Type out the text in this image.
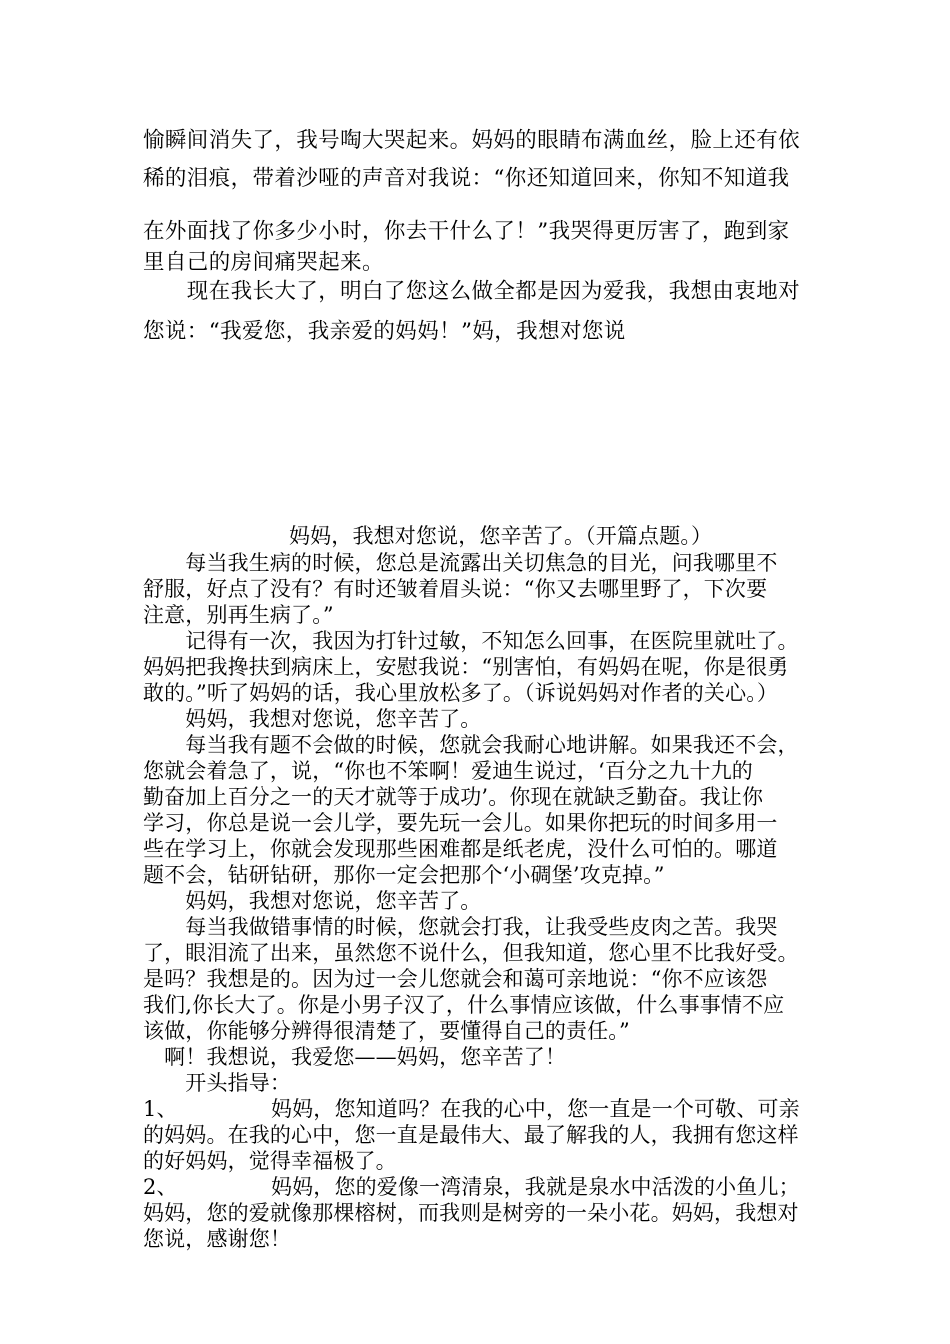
愉瞬间消失了，我号啕大哭起来。妈妈的眼睛布满血丝，脸上还有依
稀的泪痕，带着沙哑的声音对我说：“你还知道回来，你知不知道我
在外面找了你多少小时，你去干什么了！”我哭得更厉害了，跑到家
里自己的房间痛哭起来。
　　现在我长大了，明白了您这么做全都是因为爱我，我想由衷地对
您说：“我爱您，我亲爱的妈妈！”妈，我想对您说
妈妈，我想对您说，您辛苦了。（开篇点题。）
　　每当我生病的时候，您总是流露出关切焦急的目光，问我哪里不
舒服，好点了没有？有时还皱着眉头说：“你又去哪里野了，下次要
注意，别再生病了。”
　　记得有一次，我因为打针过敏，不知怎么回事，在医院里就吐了。
妈妈把我搀扶到病床上，安慰我说：“别害怕，有妈妈在呢，你是很勇
敢的。”听了妈妈的话，我心里放松多了。（诉说妈妈对作者的关心。）
　　妈妈，我想对您说，您辛苦了。
　　每当我有题不会做的时候，您就会我耐心地讲解。如果我还不会，
您就会着急了，说，“你也不笨啊！爱迪生说过，‘百分之九十九的
勤奋加上百分之一的天才就等于成功’。你现在就缺乏勤奋。我让你
学习，你总是说一会儿学，要先玩一会儿。如果你把玩的时间多用一
些在学习上，你就会发现那些困难都是纸老虎，没什么可怕的。哪道
题不会，钻研钻研，那你一定会把那个‘小碉堡’攻克掉。”
　　妈妈，我想对您说，您辛苦了。
　　每当我做错事情的时候，您就会打我，让我受些皮肉之苦。我哭
了，眼泪流了出来，虽然您不说什么，但我知道，您心里不比我好受。
是吗？我想是的。因为过一会儿您就会和蔼可亲地说：“你不应该怨
我们,你长大了。你是小男子汉了，什么事情应该做，什么事事情不应
该做，你能够分辨得很清楚了，要懂得自己的责任。”
　啊！我想说，我爱您——妈妈，您辛苦了！
　　开头指导：
1、	妈妈，您知道吗？在我的心中，您一直是一个可敬、可亲
的妈妈。在我的心中，您一直是最伟大、最了解我的人，我拥有您这样
的好妈妈，觉得幸福极了。
2、	妈妈，您的爱像一湾清泉，我就是泉水中活泼的小鱼儿；
妈妈，您的爱就像那棵榕树，而我则是树旁的一朵小花。妈妈，我想对
您说，感谢您！
